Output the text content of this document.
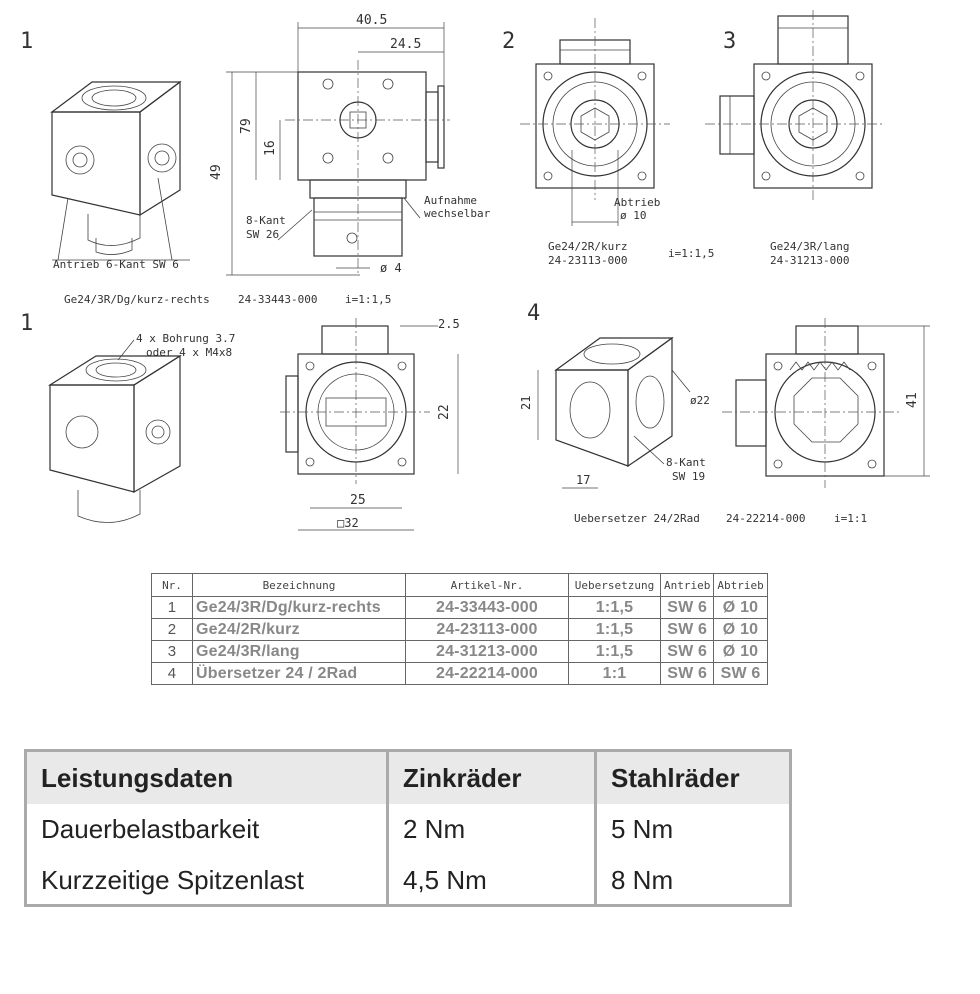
1	2	3
1	4
Antrieb 6-Kant SW 6
40.5
24.5
49
79
16
ø 4
8-Kant
SW 26
Aufnahme
wechselbar
Ge24/3R/Dg/kurz-rechts	24-33443-000	i=1:1,5
Abtrieb
ø 10
Ge24/2R/kurz
24-23113-000
i=1:1,5
Ge24/3R/lang
24-31213-000
4 x Bohrung 3.7
oder 4 x M4x8
2.5
22
25
□32
21
17
ø22
8-Kant
SW 19
41
Uebersetzer 24/2Rad 24-22214-000	i=1:1
Nr.	Bezeichnung	Artikel-Nr.	Uebersetzung	Antrieb	Abtrieb
1	Ge24/3R/Dg/kurz-rechts	24-33443-000	1:1,5	SW 6	Ø 10
2	Ge24/2R/kurz	24-23113-000	1:1,5	SW 6	Ø 10
3	Ge24/3R/lang	24-31213-000	1:1,5	SW 6	Ø 10
4	Übersetzer 24 / 2Rad	24-22214-000	1:1	SW 6	SW 6
Leistungsdaten	Zinkräder	Stahlräder
Dauerbelastbarkeit	2 Nm	5 Nm
Kurzzeitige Spitzenlast	4,5 Nm	8 Nm
